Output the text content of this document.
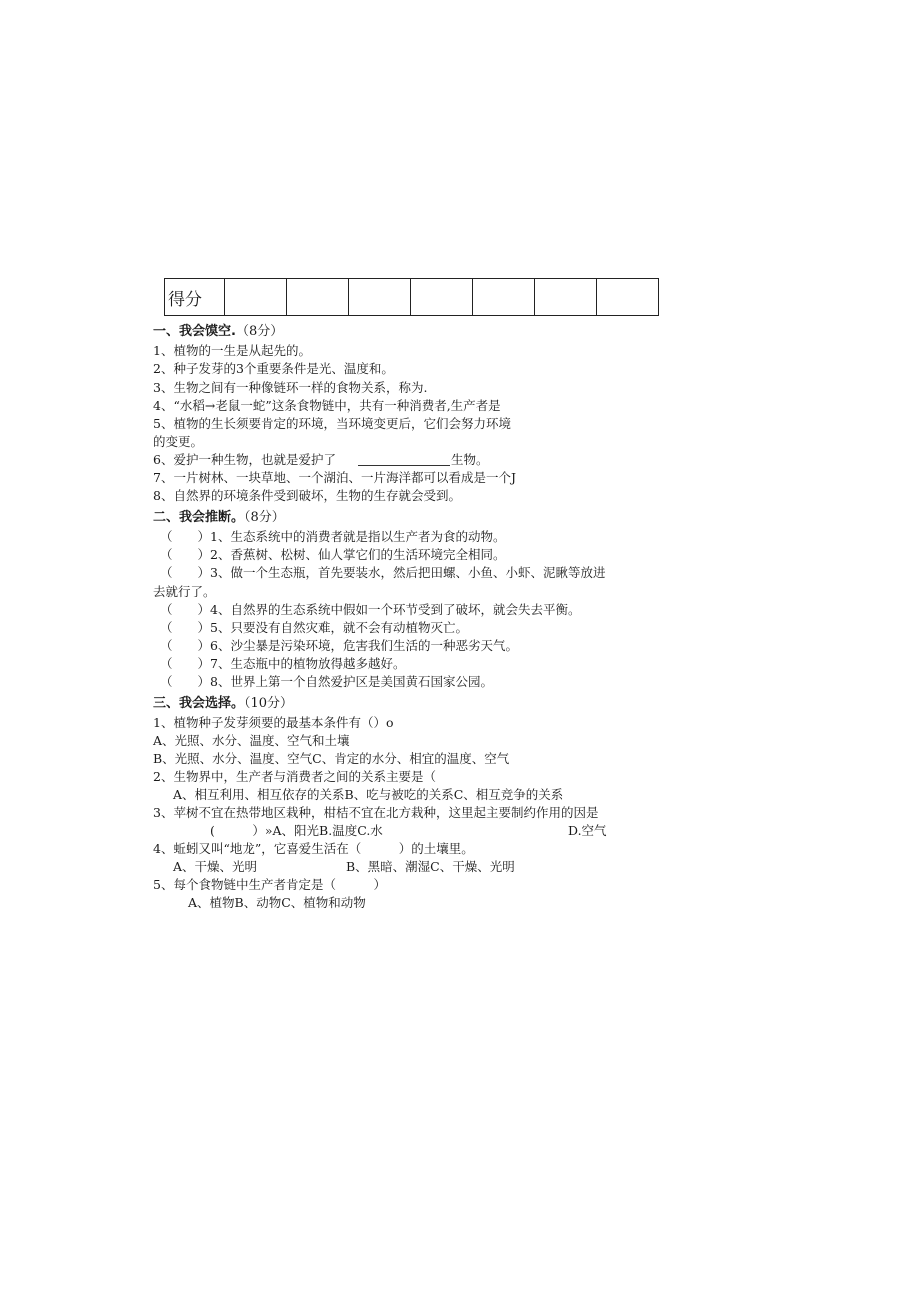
得分							
一、我会馍空.（8分）
1、植物的一生是从起先的。
2、种子发芽的3个重要条件是光、温度和。
3、生物之间有一种像链环一样的食物关系，称为.
4、“水稻→老鼠一蛇”这条食物链中，共有一种消费者,生产者是
5、植物的生长须要肯定的环境，当环境变更后，它们会努力环境
的变更。
6、爱护一种生物，也就是爱护了	生物。
7、一片树林、一块草地、一个湖泊、一片海洋都可以看成是一个J
8、自然界的环境条件受到破坏，生物的生存就会受到。
二、我会推断。（8分）
（　　）1、生态系统中的消费者就是指以生产者为食的动物。
（　　）2、香蕉树、松树、仙人掌它们的生活环境完全相同。
（　　）3、做一个生态瓶，首先要装水，然后把田螺、小鱼、小虾、泥瞅等放进
去就行了。
（　　）4、自然界的生态系统中假如一个环节受到了破坏，就会失去平衡。
（　　）5、只要没有自然灾难，就不会有动植物灭亡。
（　　）6、沙尘暴是污染环境，危害我们生活的一种恶劣天气。
（　　）7、生态瓶中的植物放得越多越好。
（　　）8、世界上第一个自然爱护区是美国黄石国家公园。
三、我会选择。（10分）
1、植物种子发芽须要的最基本条件有（）o
A、光照、水分、温度、空气和土壤
B、光照、水分、温度、空气C、肯定的水分、相宜的温度、空气
2、生物界中，生产者与消费者之间的关系主要是（
A、相互利用、相互依存的关系B、吃与被吃的关系C、相互竞争的关系
3、苹树不宜在热带地区栽种，柑桔不宜在北方栽种，这里起主要制约作用的因是
(　　　）»A、阳光B.温度C.水	D.空气
4、蚯蚓又叫“地龙”，它喜爱生活在（　　　）的土壤里。
A、干燥、光明	B、黑暗、潮湿C、干燥、光明
5、每个食物链中生产者肯定是（　　　）
A、植物B、动物C、植物和动物
